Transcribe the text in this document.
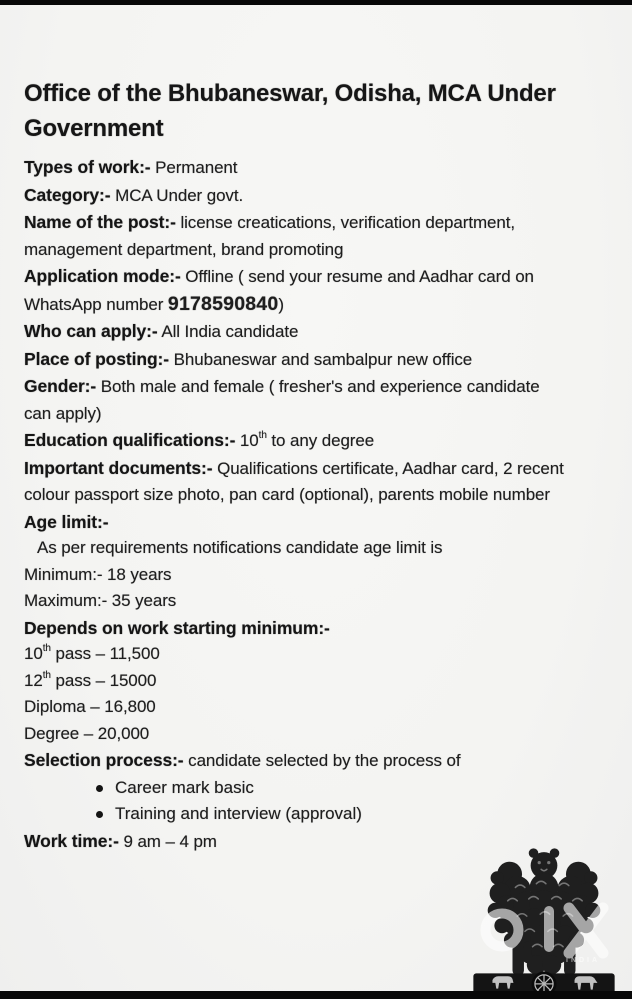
Office of the Bhubaneswar, Odisha, MCA Under Government

Types of work:- Permanent

Category:- MCA Under govt.

Name of the post:- license creatications, verification department, management department, brand promoting

Application mode:- Offline ( send your resume and Aadhar card on WhatsApp number 9178590840)

Who can apply:- All India candidate

Place of posting:- Bhubaneswar and sambalpur new office

Gender:- Both male and female ( fresher's and experience candidate can apply)

Education qualifications:- 10th to any degree

Important documents:- Qualifications certificate, Aadhar card, 2 recent colour passport size photo, pan card (optional), parents mobile number

Age limit:-

As per requirements notifications candidate age limit is

Minimum:- 18 years

Maximum:- 35 years

Depends on work starting minimum:-

10th pass – 11,500

12th pass – 15000

Diploma – 16,800

Degree – 20,000

Selection process:- candidate selected by the process of

Career mark basic
Training and interview (approval)

Work time:- 9 am – 4 pm

INDIA
